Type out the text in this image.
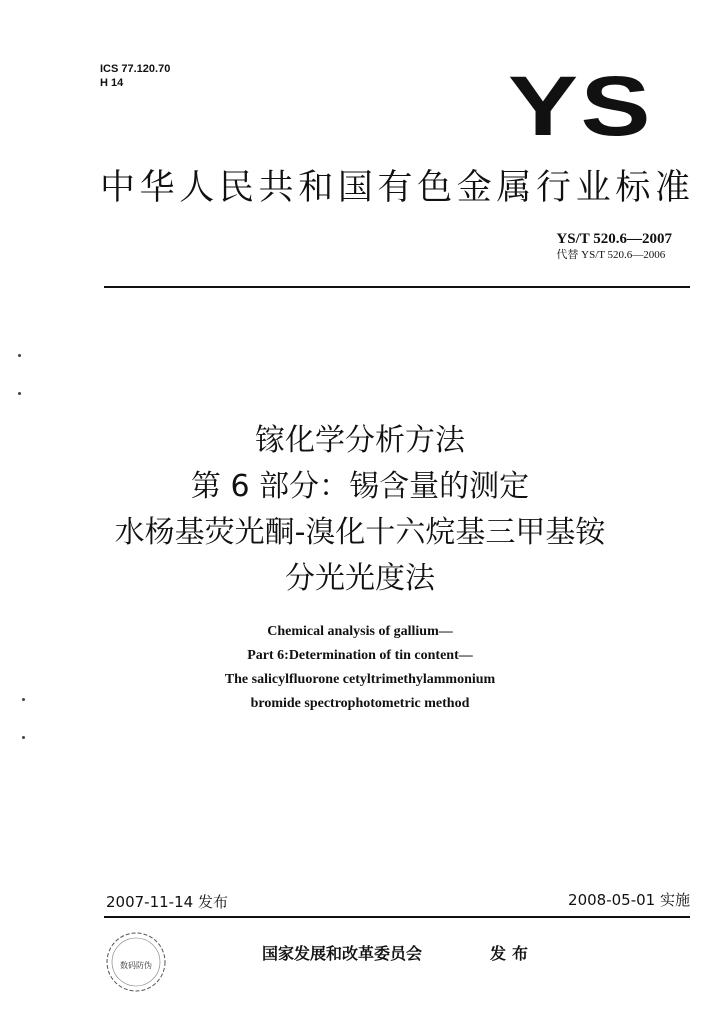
ICS 77.120.70
H 14	YS
中华人民共和国有色金属行业标准
YS/T 520.6—2007
代替 YS/T 520.6—2006
镓化学分析方法
第 6 部分：锡含量的测定
水杨基荧光酮-溴化十六烷基三甲基铵
分光光度法
Chemical analysis of gallium—
Part 6:Determination of tin content—
The salicylfluorone cetyltrimethylammonium
bromide spectrophotometric method
2007-11-14 发布	2008-05-01 实施
数码防伪
国家发展和改革委员会	发布
